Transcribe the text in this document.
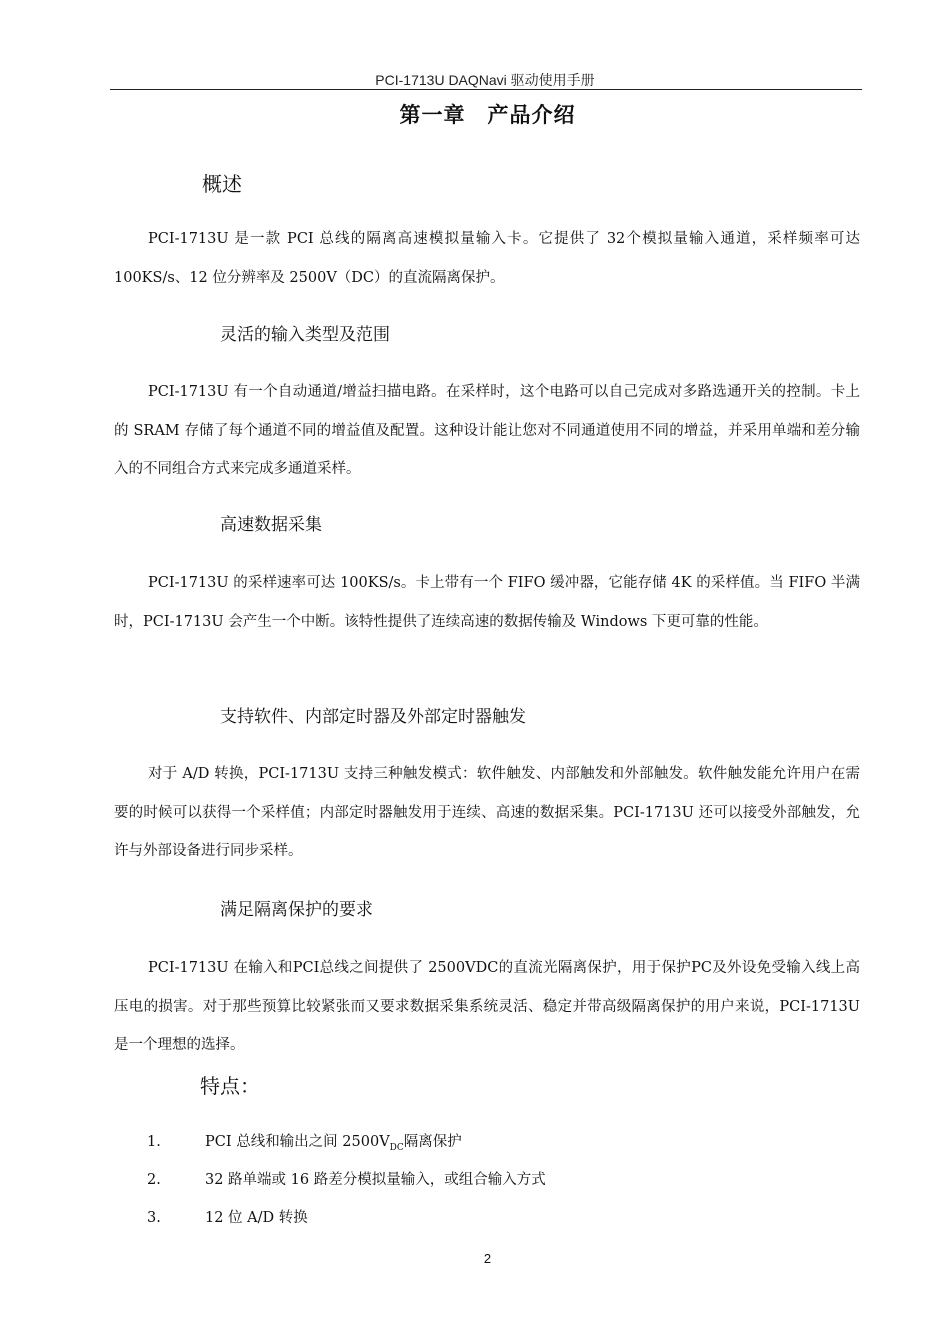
PCI-1713U DAQNavi 驱动使用手册
第一章　产品介绍
概述

PCI-1713U 是一款 PCI 总线的隔离高速模拟量输入卡。它提供了 32个模拟量输入通道，采样频率可达 100KS/s、12 位分辨率及 2500V（DC）的直流隔离保护。

灵活的输入类型及范围

PCI-1713U 有一个自动通道/增益扫描电路。在采样时，这个电路可以自己完成对多路选通开关的控制。卡上的 SRAM 存储了每个通道不同的增益值及配置。这种设计能让您对不同通道使用不同的增益，并采用单端和差分输入的不同组合方式来完成多通道采样。

高速数据采集

PCI-1713U 的采样速率可达 100KS/s。卡上带有一个 FIFO 缓冲器，它能存储 4K 的采样值。当 FIFO 半满时，PCI-1713U 会产生一个中断。该特性提供了连续高速的数据传输及 Windows 下更可靠的性能。

支持软件、内部定时器及外部定时器触发

对于 A/D 转换，PCI-1713U 支持三种触发模式：软件触发、内部触发和外部触发。软件触发能允许用户在需要的时候可以获得一个采样值；内部定时器触发用于连续、高速的数据采集。PCI-1713U 还可以接受外部触发，允许与外部设备进行同步采样。

满足隔离保护的要求

PCI-1713U 在输入和PCI总线之间提供了 2500VDC的直流光隔离保护，用于保护PC及外设免受输入线上高压电的损害。对于那些预算比较紧张而又要求数据采集系统灵活、稳定并带高级隔离保护的用户来说，PCI-1713U 是一个理想的选择。

特点：
1.	PCI 总线和输出之间 $2500V_{DC}$隔离保护
2.	32 路单端或 16 路差分模拟量输入，或组合输入方式
3.	12 位 A/D 转换
2
